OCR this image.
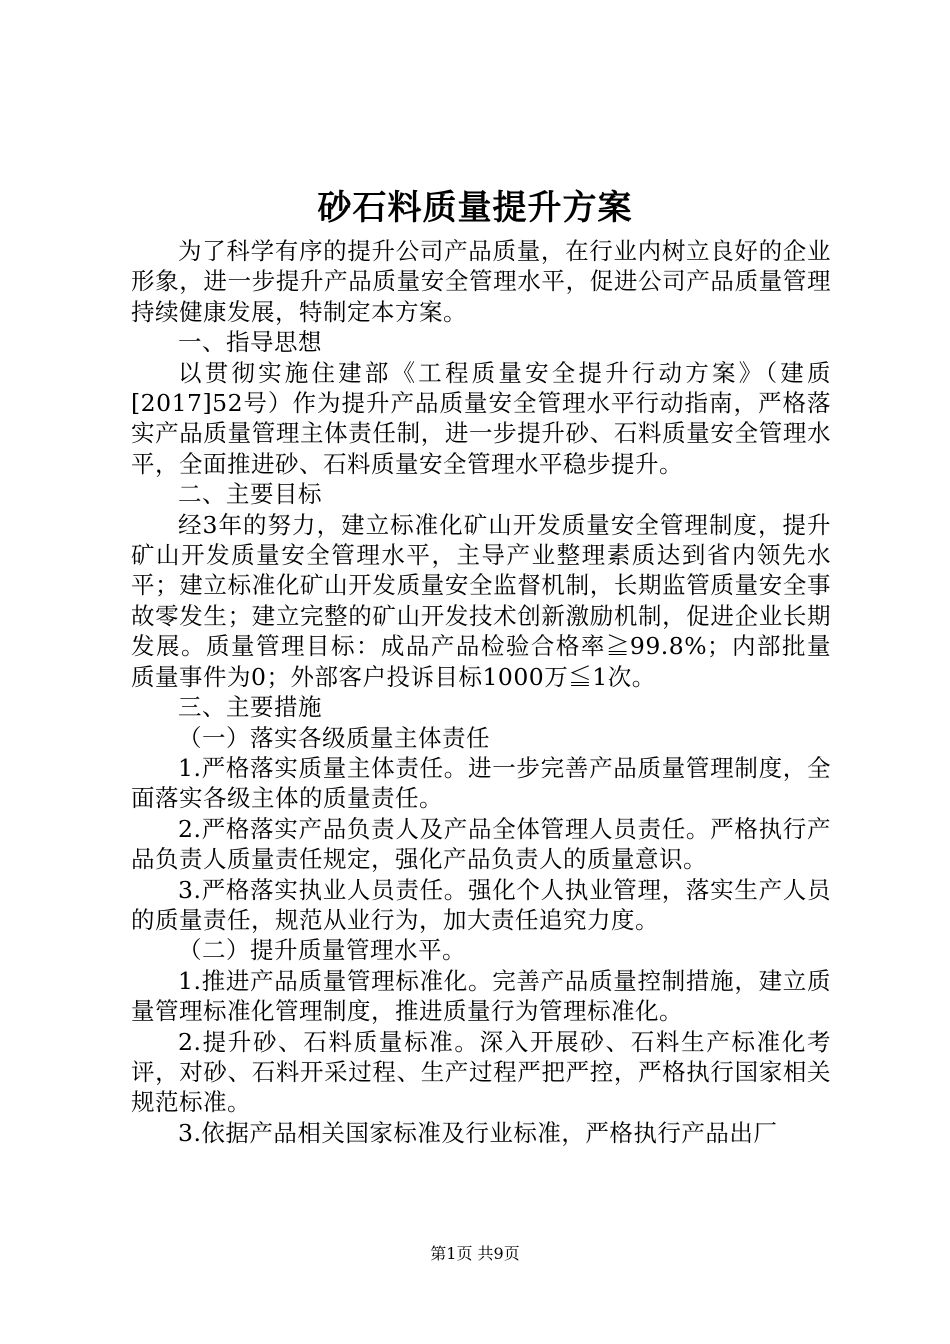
砂石料质量提升方案

为了科学有序的提升公司产品质量，在行业内树立良好的企业形象，进一步提升产品质量安全管理水平，促进公司产品质量管理持续健康发展，特制定本方案。

一、指导思想

以贯彻实施住建部《工程质量安全提升行动方案》（建质[2017]52号）作为提升产品质量安全管理水平行动指南，严格落实产品质量管理主体责任制，进一步提升砂、石料质量安全管理水平，全面推进砂、石料质量安全管理水平稳步提升。

二、主要目标

经3年的努力，建立标准化矿山开发质量安全管理制度，提升矿山开发质量安全管理水平，主导产业整理素质达到省内领先水平；建立标准化矿山开发质量安全监督机制，长期监管质量安全事故零发生；建立完整的矿山开发技术创新激励机制，促进企业长期发展。质量管理目标：成品产品检验合格率≧99.8%；内部批量质量事件为0；外部客户投诉目标1000万≦1次。

三、主要措施

（一）落实各级质量主体责任

1.严格落实质量主体责任。进一步完善产品质量管理制度，全面落实各级主体的质量责任。

2.严格落实产品负责人及产品全体管理人员责任。严格执行产品负责人质量责任规定，强化产品负责人的质量意识。

3.严格落实执业人员责任。强化个人执业管理，落实生产人员的质量责任，规范从业行为，加大责任追究力度。

（二）提升质量管理水平。

1.推进产品质量管理标准化。完善产品质量控制措施，建立质量管理标准化管理制度，推进质量行为管理标准化。

2.提升砂、石料质量标准。深入开展砂、石料生产标准化考评，对砂、石料开采过程、生产过程严把严控，严格执行国家相关规范标准。

3.依据产品相关国家标准及行业标准，严格执行产品出厂

第1页 共9页
